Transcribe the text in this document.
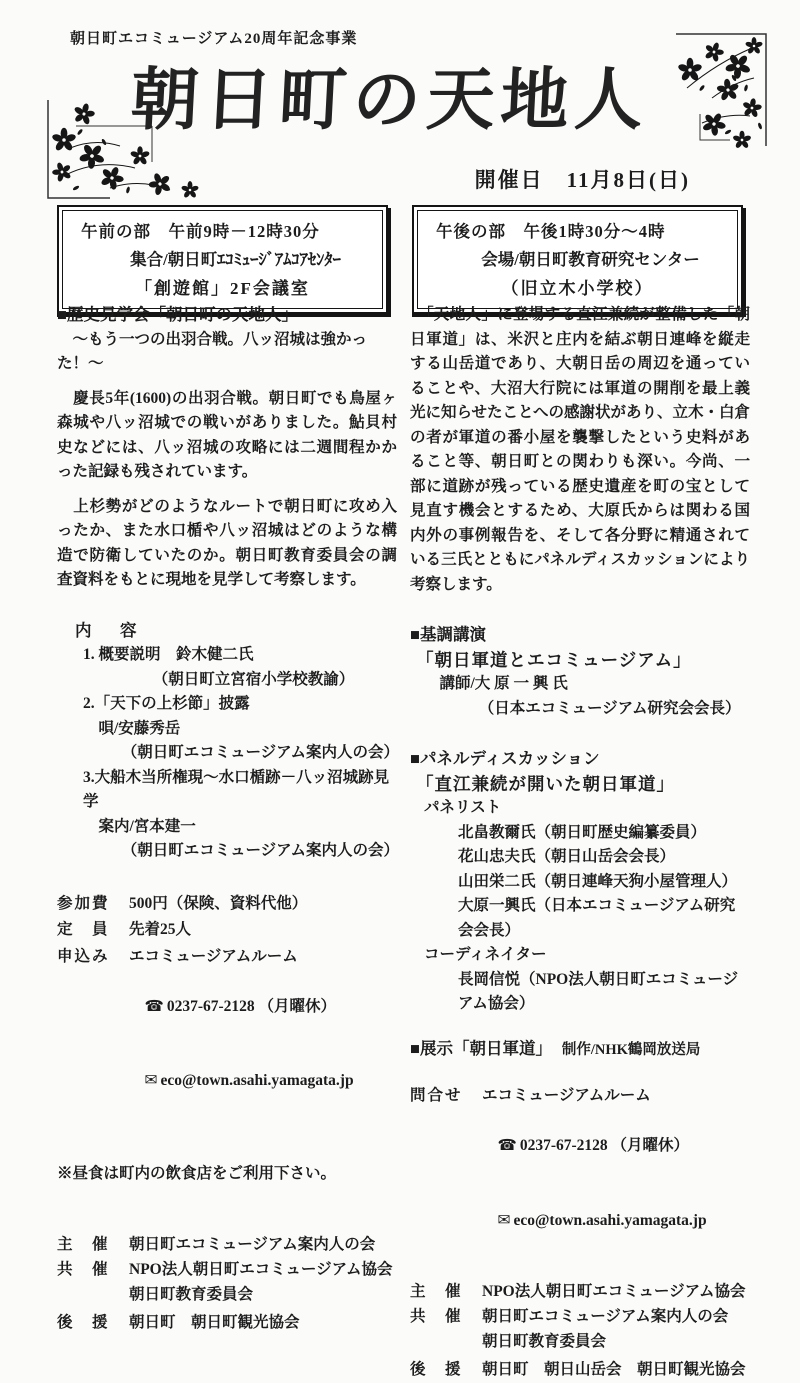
朝日町エコミュージアム20周年記念事業
朝日町の天地人
開催日　11月8日(日)
午前の部　午前9時－12時30分
集合/朝日町ｴｺﾐｭｰｼﾞｱﾑｺｱｾﾝﾀｰ
「創遊館」2F会議室
午後の部　午後1時30分～4時
会場/朝日町教育研究センター
（旧立木小学校）
■歴史見学会「朝日町の天地人」
　～もう一つの出羽合戦。八ッ沼城は強かった！～

　慶長5年(1600)の出羽合戦。朝日町でも鳥屋ヶ森城や八ッ沼城での戦いがありました。鮎貝村史などには、八ッ沼城の攻略には二週間程かかった記録も残されています。

　上杉勢がどのようなルートで朝日町に攻め入ったか、また水口楯や八ッ沼城はどのような構造で防衛していたのか。朝日町教育委員会の調査資料をもとに現地を見学して考察します。

内　容
1. 概要説明　鈴木健二氏
　　　　　（朝日町立宮宿小学校教諭）
2.「天下の上杉節」披露
　唄/安藤秀岳
　　　（朝日町エコミュージアム案内人の会）
3.大船木当所権現～水口楯跡－八ッ沼城跡見学
　案内/宮本建一
　　　（朝日町エコミュージアム案内人の会）
参加費	500円（保険、資料代他）
定　員	先着25人
申込み	エコミュージアムルーム

☎ 0237-67-2128 （月曜休）

✉ eco@town.asahi.yamagata.jp

※昼食は町内の飲食店をご利用下さい。
主　催	朝日町エコミュージアム案内人の会
共　催	NPO法人朝日町エコミュージアム協会
朝日町教育委員会
後　援	朝日町　朝日町観光協会

　「天地人」に登場する直江兼続が整備した「朝日軍道」は、米沢と庄内を結ぶ朝日連峰を縦走する山岳道であり、大朝日岳の周辺を通っていることや、大沼大行院には軍道の開削を最上義光に知らせたことへの感謝状があり、立木・白倉の者が軍道の番小屋を襲撃したという史料があること等、朝日町との関わりも深い。今尚、一部に道跡が残っている歴史遺産を町の宝として見直す機会とするため、大原氏からは関わる国内外の事例報告を、そして各分野に精通されている三氏とともにパネルディスカッションにより考察します。

■基調講演
「朝日軍道とエコミュージアム」
　講師/大 原 一 興 氏
　　　（日本エコミュージアム研究会会長）
■パネルディスカッション
「直江兼続が開いた朝日軍道」
パネリスト
北畠教爾氏（朝日町歴史編纂委員）
花山忠夫氏（朝日山岳会会長）
山田栄二氏（朝日連峰天狗小屋管理人）
大原一興氏（日本エコミュージアム研究会会長）
コーディネイター
長岡信悦（NPO法人朝日町エコミュージアム協会）
■展示「朝日軍道」 制作/NHK鶴岡放送局
問合せ	エコミュージアムルーム

☎ 0237-67-2128 （月曜休）

✉ eco@town.asahi.yamagata.jp

主　催	NPO法人朝日町エコミュージアム協会
共　催	朝日町エコミュージアム案内人の会
朝日町教育委員会
後　援	朝日町　朝日山岳会　朝日町観光協会
